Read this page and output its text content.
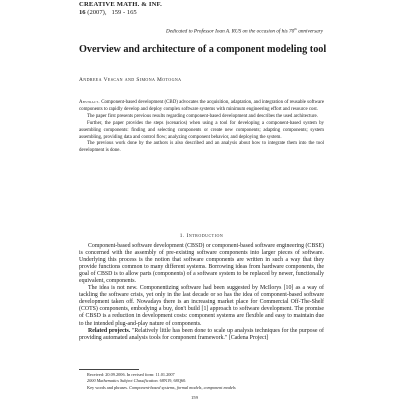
CREATIVE MATH. & INF.
16 (2007), 159 - 165
Dedicated to Professor Ioan A. RUS on the occasion of his 70th anniversary
Overview and architecture of a component modeling tool
Andreea Vescan and Simona Motogna

Abstract. Component-based development (CBD) advocates the acquisition, adaptation, and integration of reusable software components to rapidly develop and deploy complex software systems with minimum engineering effort and resource cost.

The paper first presents previous results regarding component-based development and describes the used architecture.

Further, the paper provides the steps (scenarios) when using a tool for developing a component-based system by assembling components: finding and selecting components or create new components; adapting components; system assembling, providing data and control flow; analyzing component behavior, and deploying the system.

The previous work done by the authors is also described and an analysis about how to integrate them into the tool development is done.

1. Introduction

Component-based software development (CBSD) or component-based software engineering (CBSE) is concerned with the assembly of pre-existing software components into larger pieces of software. Underlying this process is the notion that software components are written in such a way that they provide functions common to many different systems. Borrowing ideas from hardware components, the goal of CBSD is to allow parts (components) of a software system to be replaced by newer, functionally equivalent, components.

The idea is not new. Componentizing software had been suggested by McIlorys [10] as a way of tackling the software crisis, yet only in the last decade or so has the idea of component-based software development taken off. Nowadays there is an increasing market place for Commercial Off-The-Shelf (COTS) components, embodying a buy, don't build [1] approach to software development. The promise of CBSD is a reduction in development costs: component systems are flexible and easy to maintain due to the intended plug-and-play nature of components.

Related projects. "Relatively little has been done to scale up analysis techniques for the purpose of providing automated analysis tools for component framework." [Cadena Project]

Received: 20.09.2006. In revised form: 11.01.2007
2000 Mathematics Subject Classification. 68N19, 68Q60.
Key words and phrases. Component-based systems, formal models, component models
159
